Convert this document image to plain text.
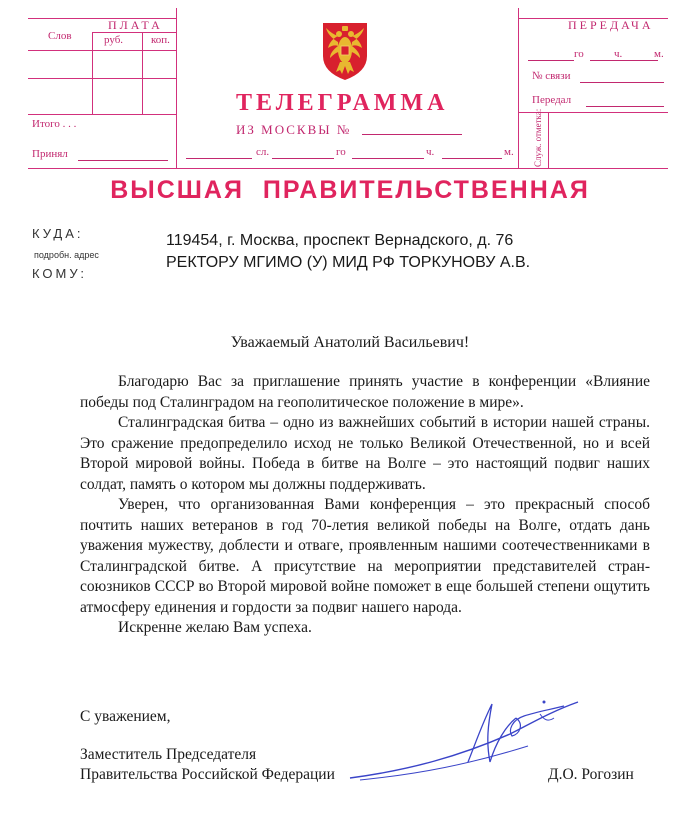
ПЛАТА
Слов	руб.	коп.
Итого . . .
Принял
ПЕРЕДАЧА
го	ч.	м.
№ связи
Передал
Служ. отметка:
ТЕЛЕГРАММА
ИЗ МОСКВЫ №
сл.	го	ч.	м.
ВЫСШАЯ ПРАВИТЕЛЬСТВЕННАЯ
КУДА:
подробн. адрес
КОМУ:
119454, г. Москва, проспект Вернадского, д. 76
РЕКТОРУ МГИМО (У) МИД РФ ТОРКУНОВУ А.В.
Уважаемый Анатолий Васильевич!

Благодарю Вас за приглашение принять участие в конференции «Влияние победы под Сталинградом на геополитическое положение в мире».

Сталинградская битва – одно из важнейших событий в истории нашей страны. Это сражение предопределило исход не только Великой Отечественной, но и всей Второй мировой войны. Победа в битве на Волге – это настоящий подвиг наших солдат, память о котором мы должны поддерживать.

Уверен, что организованная Вами конференция – это прекрасный способ почтить наших ветеранов в год 70-летия великой победы на Волге, отдать дань уважения мужеству, доблести и отваге, проявленным нашими соотечественниками в Сталинградской битве. А присутствие на мероприятии представителей стран-союзников СССР во Второй мировой войне поможет в еще большей степени ощутить атмосферу единения и гордости за подвиг нашего народа.

Искренне желаю Вам успеха.

С уважением,
Заместитель Председателя
Правительства Российской Федерации	Д.О. Рогозин
